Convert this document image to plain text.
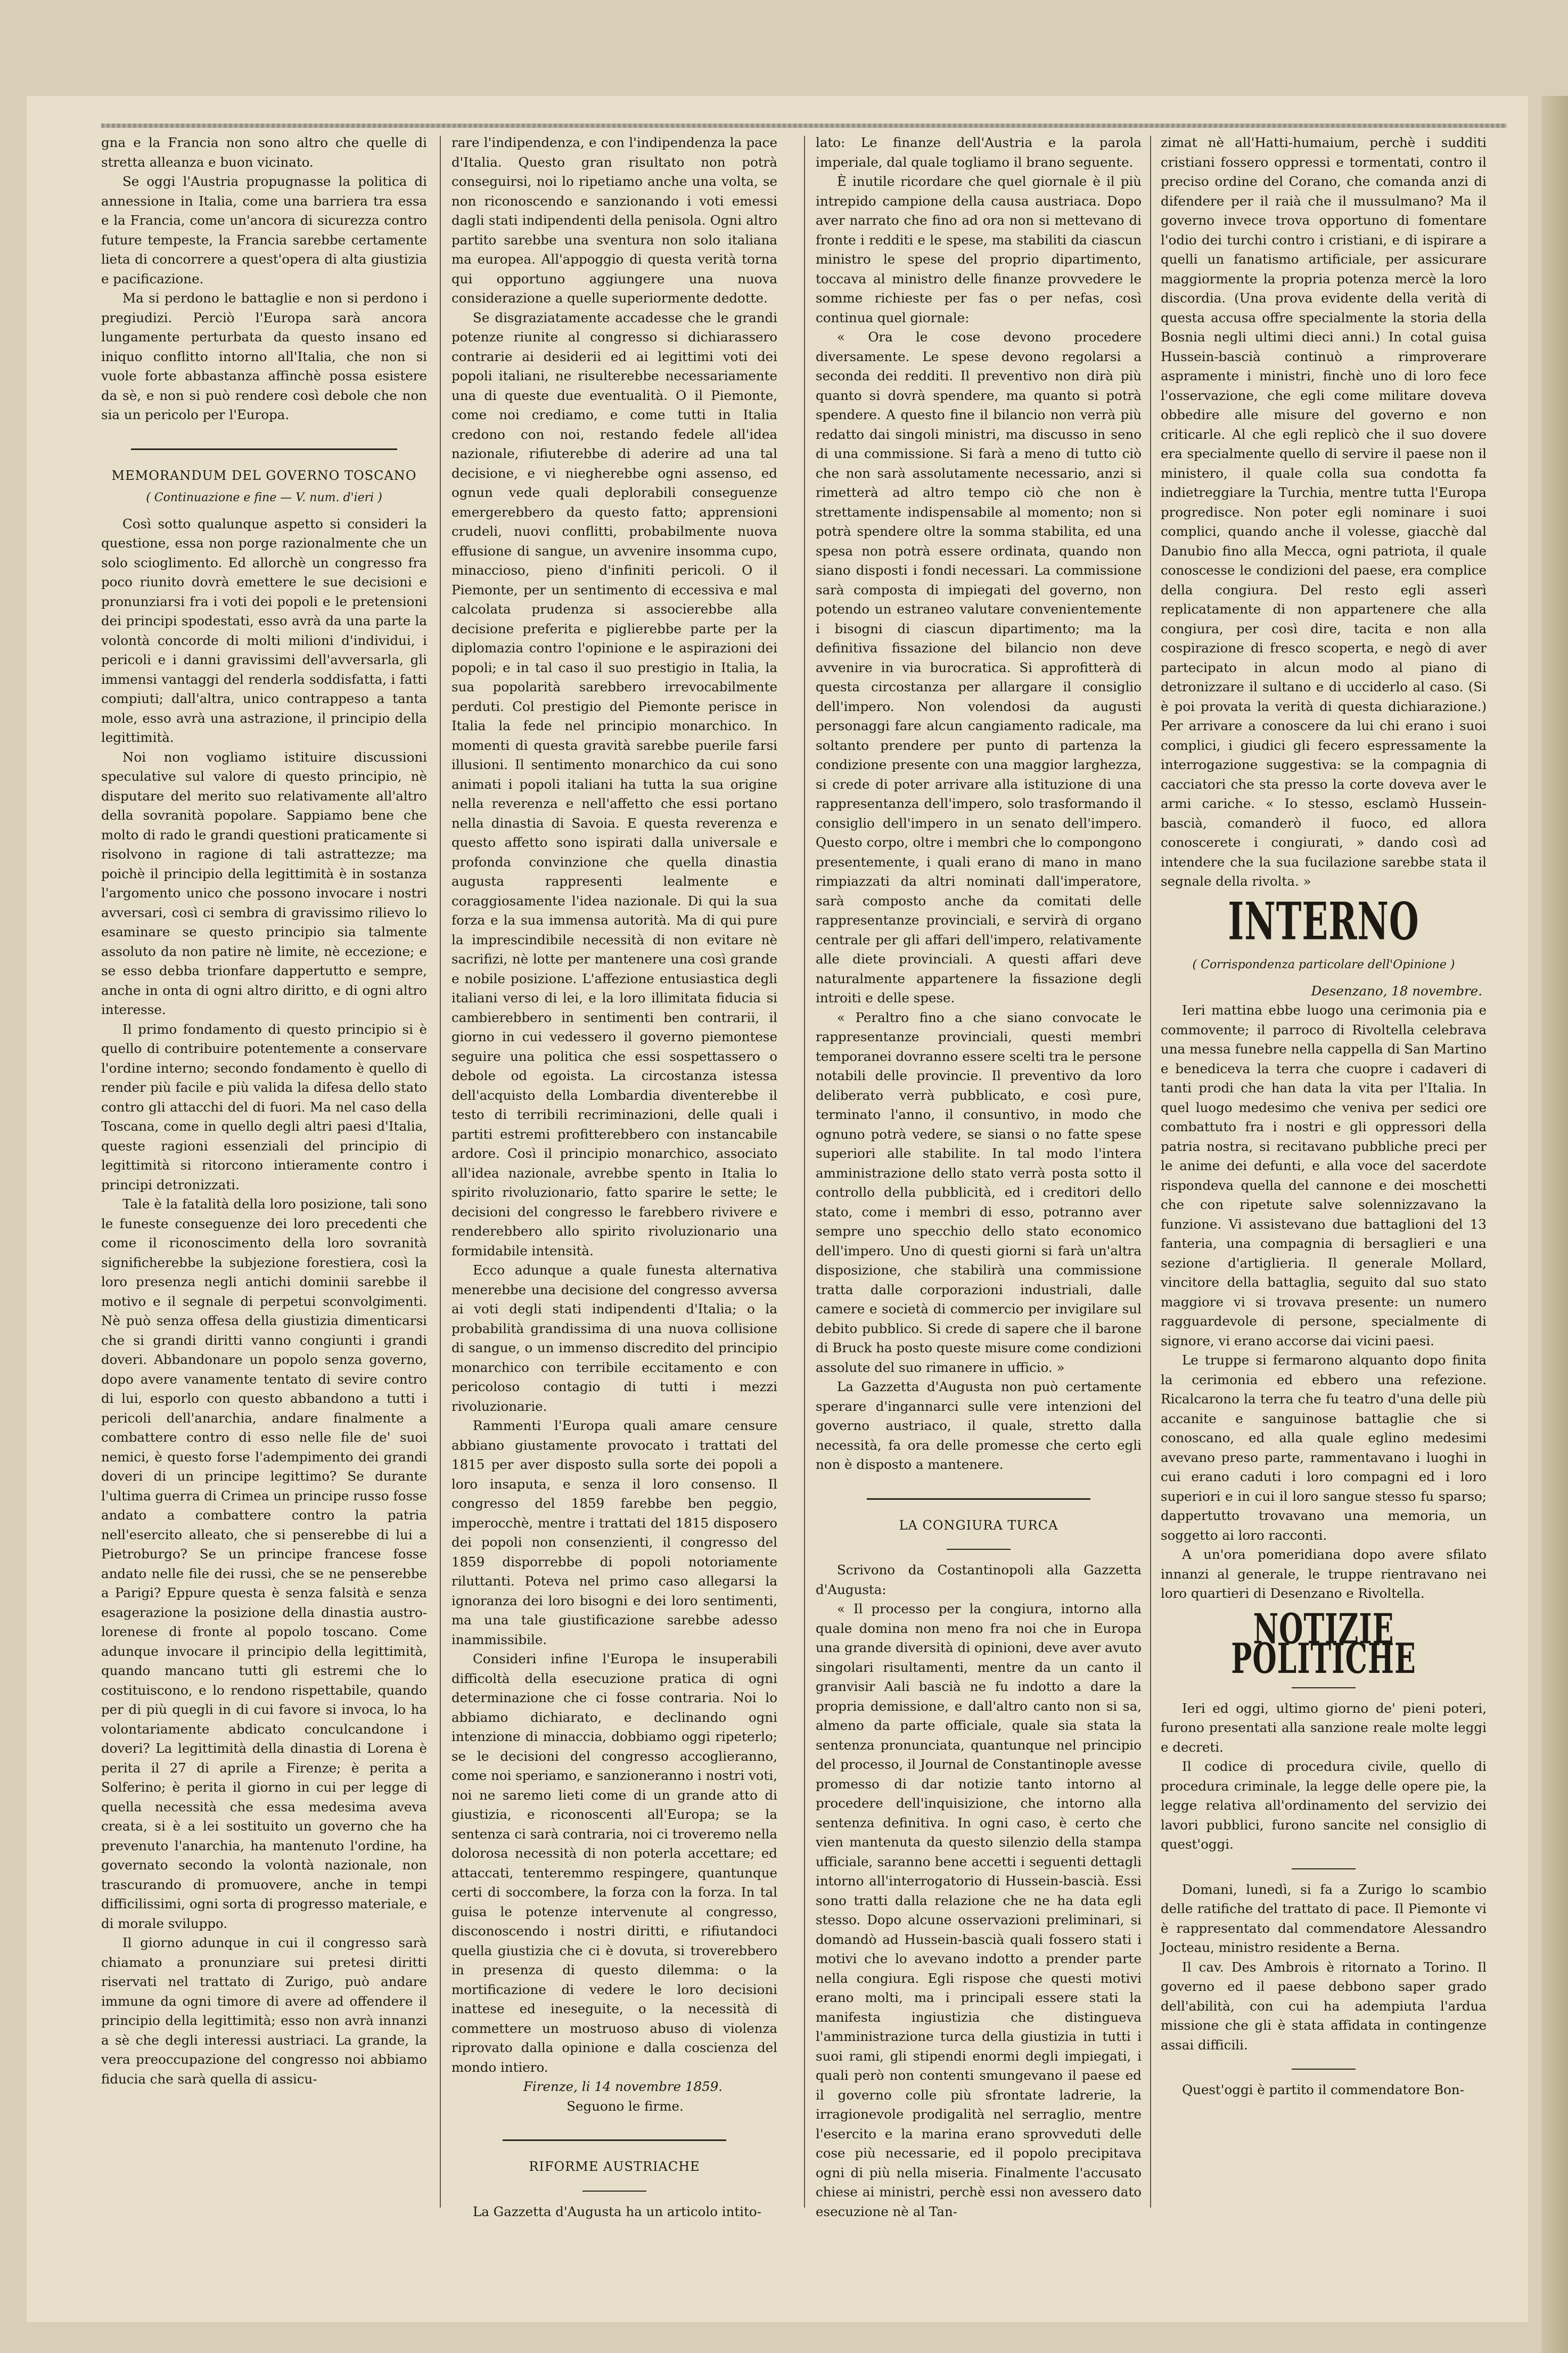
gna e la Francia non sono altro che quelle di stretta alleanza e buon vicinato.

Se oggi l'Austria propugnasse la politica di annessione in Italia, come una barriera tra essa e la Francia, come un'ancora di sicurezza contro future tempeste, la Francia sarebbe certamente lieta di concorrere a quest'opera di alta giustizia e pacificazione.

Ma si perdono le battaglie e non si perdono i pregiudizi. Perciò l'Europa sarà ancora lungamente perturbata da questo insano ed iniquo conflitto intorno all'Italia, che non si vuole forte abbastanza affinchè possa esistere da sè, e non si può rendere così debole che non sia un pericolo per l'Europa.

MEMORANDUM DEL GOVERNO TOSCANO
( Continuazione e fine — V. num. d'ieri )

Così sotto qualunque aspetto si consideri la questione, essa non porge razionalmente che un solo scioglimento. Ed allorchè un congresso fra poco riunito dovrà emettere le sue decisioni e pronunziarsi fra i voti dei popoli e le pretensioni dei principi spodestati, esso avrà da una parte la volontà concorde di molti milioni d'individui, i pericoli e i danni gravissimi dell'avversarla, gli immensi vantaggi del renderla soddisfatta, i fatti compiuti; dall'altra, unico contrappeso a tanta mole, esso avrà una astrazione, il principio della legittimità.

Noi non vogliamo istituire discussioni speculative sul valore di questo principio, nè disputare del merito suo relativamente all'altro della sovranità popolare. Sappiamo bene che molto di rado le grandi questioni praticamente si risolvono in ragione di tali astrattezze; ma poichè il principio della legittimità è in sostanza l'argomento unico che possono invocare i nostri avversari, così ci sembra di gravissimo rilievo lo esaminare se questo principio sia talmente assoluto da non patire nè limite, nè eccezione; e se esso debba trionfare dappertutto e sempre, anche in onta di ogni altro diritto, e di ogni altro interesse.

Il primo fondamento di questo principio si è quello di contribuire potentemente a conservare l'ordine interno; secondo fondamento è quello di render più facile e più valida la difesa dello stato contro gli attacchi del di fuori. Ma nel caso della Toscana, come in quello degli altri paesi d'Italia, queste ragioni essenziali del principio di legittimità si ritorcono intieramente contro i principi detronizzati.

Tale è la fatalità della loro posizione, tali sono le funeste conseguenze dei loro precedenti che come il riconoscimento della loro sovranità significherebbe la subjezione forestiera, così la loro presenza negli antichi dominii sarebbe il motivo e il segnale di perpetui sconvolgimenti. Nè può senza offesa della giustizia dimenticarsi che si grandi diritti vanno congiunti i grandi doveri. Abbandonare un popolo senza governo, dopo avere vanamente tentato di sevire contro di lui, esporlo con questo abbandono a tutti i pericoli dell'anarchia, andare finalmente a combattere contro di esso nelle file de' suoi nemici, è questo forse l'adempimento dei grandi doveri di un principe legittimo? Se durante l'ultima guerra di Crimea un principe russo fosse andato a combattere contro la patria nell'esercito alleato, che si penserebbe di lui a Pietroburgo? Se un principe francese fosse andato nelle file dei russi, che se ne penserebbe a Parigi? Eppure questa è senza falsità e senza esagerazione la posizione della dinastia austro-lorenese di fronte al popolo toscano. Come adunque invocare il principio della legittimità, quando mancano tutti gli estremi che lo costituiscono, e lo rendono rispettabile, quando per di più quegli in di cui favore si invoca, lo ha volontariamente abdicato conculcandone i doveri? La legittimità della dinastia di Lorena è perita il 27 di aprile a Firenze; è perita a Solferino; è perita il giorno in cui per legge di quella necessità che essa medesima aveva creata, si è a lei sostituito un governo che ha prevenuto l'anarchia, ha mantenuto l'ordine, ha governato secondo la volontà nazionale, non trascurando di promuovere, anche in tempi difficilissimi, ogni sorta di progresso materiale, e di morale sviluppo.

Il giorno adunque in cui il congresso sarà chiamato a pronunziare sui pretesi diritti riservati nel trattato di Zurigo, può andare immune da ogni timore di avere ad offendere il principio della legittimità; esso non avrà innanzi a sè che degli interessi austriaci. La grande, la vera preoccupazione del congresso noi abbiamo fiducia che sarà quella di assicu-

rare l'indipendenza, e con l'indipendenza la pace d'Italia. Questo gran risultato non potrà conseguirsi, noi lo ripetiamo anche una volta, se non riconoscendo e sanzionando i voti emessi dagli stati indipendenti della penisola. Ogni altro partito sarebbe una sventura non solo italiana ma europea. All'appoggio di questa verità torna qui opportuno aggiungere una nuova considerazione a quelle superiormente dedotte.

Se disgraziatamente accadesse che le grandi potenze riunite al congresso si dichiarassero contrarie ai desiderii ed ai legittimi voti dei popoli italiani, ne risulterebbe necessariamente una di queste due eventualità. O il Piemonte, come noi crediamo, e come tutti in Italia credono con noi, restando fedele all'idea nazionale, rifiuterebbe di aderire ad una tal decisione, e vi niegherebbe ogni assenso, ed ognun vede quali deplorabili conseguenze emergerebbero da questo fatto; apprensioni crudeli, nuovi conflitti, probabilmente nuova effusione di sangue, un avvenire insomma cupo, minaccioso, pieno d'infiniti pericoli. O il Piemonte, per un sentimento di eccessiva e mal calcolata prudenza si associerebbe alla decisione preferita e piglierebbe parte per la diplomazia contro l'opinione e le aspirazioni dei popoli; e in tal caso il suo prestigio in Italia, la sua popolarità sarebbero irrevocabilmente perduti. Col prestigio del Piemonte perisce in Italia la fede nel principio monarchico. In momenti di questa gravità sarebbe puerile farsi illusioni. Il sentimento monarchico da cui sono animati i popoli italiani ha tutta la sua origine nella reverenza e nell'affetto che essi portano nella dinastia di Savoia. E questa reverenza e questo affetto sono ispirati dalla universale e profonda convinzione che quella dinastia augusta rappresenti lealmente e coraggiosamente l'idea nazionale. Di qui la sua forza e la sua immensa autorità. Ma di qui pure la imprescindibile necessità di non evitare nè sacrifizi, nè lotte per mantenere una così grande e nobile posizione. L'affezione entusiastica degli italiani verso di lei, e la loro illimitata fiducia si cambierebbero in sentimenti ben contrarii, il giorno in cui vedessero il governo piemontese seguire una politica che essi sospettassero o debole od egoista. La circostanza istessa dell'acquisto della Lombardia diventerebbe il testo di terribili recriminazioni, delle quali i partiti estremi profitterebbero con instancabile ardore. Così il principio monarchico, associato all'idea nazionale, avrebbe spento in Italia lo spirito rivoluzionario, fatto sparire le sette; le decisioni del congresso le farebbero rivivere e renderebbero allo spirito rivoluzionario una formidabile intensità.

Ecco adunque a quale funesta alternativa menerebbe una decisione del congresso avversa ai voti degli stati indipendenti d'Italia; o la probabilità grandissima di una nuova collisione di sangue, o un immenso discredito del principio monarchico con terribile eccitamento e con pericoloso contagio di tutti i mezzi rivoluzionarie.

Rammenti l'Europa quali amare censure abbiano giustamente provocato i trattati del 1815 per aver disposto sulla sorte dei popoli a loro insaputa, e senza il loro consenso. Il congresso del 1859 farebbe ben peggio, imperocchè, mentre i trattati del 1815 disposero dei popoli non consenzienti, il congresso del 1859 disporrebbe di popoli notoriamente riluttanti. Poteva nel primo caso allegarsi la ignoranza dei loro bisogni e dei loro sentimenti, ma una tale giustificazione sarebbe adesso inammissibile.

Consideri infine l'Europa le insuperabili difficoltà della esecuzione pratica di ogni determinazione che ci fosse contraria. Noi lo abbiamo dichiarato, e declinando ogni intenzione di minaccia, dobbiamo oggi ripeterlo; se le decisioni del congresso accoglieranno, come noi speriamo, e sanzioneranno i nostri voti, noi ne saremo lieti come di un grande atto di giustizia, e riconoscenti all'Europa; se la sentenza ci sarà contraria, noi ci troveremo nella dolorosa necessità di non poterla accettare; ed attaccati, tenteremmo respingere, quantunque certi di soccombere, la forza con la forza. In tal guisa le potenze intervenute al congresso, disconoscendo i nostri diritti, e rifiutandoci quella giustizia che ci è dovuta, si troverebbero in presenza di questo dilemma: o la mortificazione di vedere le loro decisioni inattese ed ineseguite, o la necessità di commettere un mostruoso abuso di violenza riprovato dalla opinione e dalla coscienza del mondo intiero.

Firenze, li 14 novembre 1859.

Seguono le firme.

RIFORME AUSTRIACHE

La Gazzetta d'Augusta ha un articolo intito-

lato: Le finanze dell'Austria e la parola imperiale, dal quale togliamo il brano seguente.

È inutile ricordare che quel giornale è il più intrepido campione della causa austriaca. Dopo aver narrato che fino ad ora non si mettevano di fronte i redditi e le spese, ma stabiliti da ciascun ministro le spese del proprio dipartimento, toccava al ministro delle finanze provvedere le somme richieste per fas o per nefas, così continua quel giornale:

« Ora le cose devono procedere diversamente. Le spese devono regolarsi a seconda dei redditi. Il preventivo non dirà più quanto si dovrà spendere, ma quanto si potrà spendere. A questo fine il bilancio non verrà più redatto dai singoli ministri, ma discusso in seno di una commissione. Si farà a meno di tutto ciò che non sarà assolutamente necessario, anzi si rimetterà ad altro tempo ciò che non è strettamente indispensabile al momento; non si potrà spendere oltre la somma stabilita, ed una spesa non potrà essere ordinata, quando non siano disposti i fondi necessari. La commissione sarà composta di impiegati del governo, non potendo un estraneo valutare convenientemente i bisogni di ciascun dipartimento; ma la definitiva fissazione del bilancio non deve avvenire in via burocratica. Si approfitterà di questa circostanza per allargare il consiglio dell'impero. Non volendosi da augusti personaggi fare alcun cangiamento radicale, ma soltanto prendere per punto di partenza la condizione presente con una maggior larghezza, si crede di poter arrivare alla istituzione di una rappresentanza dell'impero, solo trasformando il consiglio dell'impero in un senato dell'impero. Questo corpo, oltre i membri che lo compongono presentemente, i quali erano di mano in mano rimpiazzati da altri nominati dall'imperatore, sarà composto anche da comitati delle rappresentanze provinciali, e servirà di organo centrale per gli affari dell'impero, relativamente alle diete provinciali. A questi affari deve naturalmente appartenere la fissazione degli introiti e delle spese.

« Peraltro fino a che siano convocate le rappresentanze provinciali, questi membri temporanei dovranno essere scelti tra le persone notabili delle provincie. Il preventivo da loro deliberato verrà pubblicato, e così pure, terminato l'anno, il consuntivo, in modo che ognuno potrà vedere, se siansi o no fatte spese superiori alle stabilite. In tal modo l'intera amministrazione dello stato verrà posta sotto il controllo della pubblicità, ed i creditori dello stato, come i membri di esso, potranno aver sempre uno specchio dello stato economico dell'impero. Uno di questi giorni si farà un'altra disposizione, che stabilirà una commissione tratta dalle corporazioni industriali, dalle camere e società di commercio per invigilare sul debito pubblico. Si crede di sapere che il barone di Bruck ha posto queste misure come condizioni assolute del suo rimanere in ufficio. »

La Gazzetta d'Augusta non può certamente sperare d'ingannarci sulle vere intenzioni del governo austriaco, il quale, stretto dalla necessità, fa ora delle promesse che certo egli non è disposto a mantenere.

LA CONGIURA TURCA

Scrivono da Costantinopoli alla Gazzetta d'Augusta:

« Il processo per la congiura, intorno alla quale domina non meno fra noi che in Europa una grande diversità di opinioni, deve aver avuto singolari risultamenti, mentre da un canto il granvisir Aali bascià ne fu indotto a dare la propria demissione, e dall'altro canto non si sa, almeno da parte officiale, quale sia stata la sentenza pronunciata, quantunque nel principio del processo, il Journal de Constantinople avesse promesso di dar notizie tanto intorno al procedere dell'inquisizione, che intorno alla sentenza definitiva. In ogni caso, è certo che vien mantenuta da questo silenzio della stampa ufficiale, saranno bene accetti i seguenti dettagli intorno all'interrogatorio di Hussein-bascià. Essi sono tratti dalla relazione che ne ha data egli stesso. Dopo alcune osservazioni preliminari, si domandò ad Hussein-bascià quali fossero stati i motivi che lo avevano indotto a prender parte nella congiura. Egli rispose che questi motivi erano molti, ma i principali essere stati la manifesta ingiustizia che distingueva l'amministrazione turca della giustizia in tutti i suoi rami, gli stipendi enormi degli impiegati, i quali però non contenti smungevano il paese ed il governo colle più sfrontate ladrerie, la irragionevole prodigalità nel serraglio, mentre l'esercito e la marina erano sprovveduti delle cose più necessarie, ed il popolo precipitava ogni di più nella miseria. Finalmente l'accusato chiese ai ministri, perchè essi non avessero dato esecuzione nè al Tan-

zimat nè all'Hatti-humaium, perchè i sudditi cristiani fossero oppressi e tormentati, contro il preciso ordine del Corano, che comanda anzi di difendere per il raià che il mussulmano? Ma il governo invece trova opportuno di fomentare l'odio dei turchi contro i cristiani, e di ispirare a quelli un fanatismo artificiale, per assicurare maggiormente la propria potenza mercè la loro discordia. (Una prova evidente della verità di questa accusa offre specialmente la storia della Bosnia negli ultimi dieci anni.) In cotal guisa Hussein-bascià continuò a rimproverare aspramente i ministri, finchè uno di loro fece l'osservazione, che egli come militare doveva obbedire alle misure del governo e non criticarle. Al che egli replicò che il suo dovere era specialmente quello di servire il paese non il ministero, il quale colla sua condotta fa indietreggiare la Turchia, mentre tutta l'Europa progredisce. Non poter egli nominare i suoi complici, quando anche il volesse, giacchè dal Danubio fino alla Mecca, ogni patriota, il quale conoscesse le condizioni del paese, era complice della congiura. Del resto egli asserì replicatamente di non appartenere che alla congiura, per così dire, tacita e non alla cospirazione di fresco scoperta, e negò di aver partecipato in alcun modo al piano di detronizzare il sultano e di ucciderlo al caso. (Si è poi provata la verità di questa dichiarazione.) Per arrivare a conoscere da lui chi erano i suoi complici, i giudici gli fecero espressamente la interrogazione suggestiva: se la compagnia di cacciatori che sta presso la corte doveva aver le armi cariche. « Io stesso, esclamò Hussein-bascià, comanderò il fuoco, ed allora conoscerete i congiurati, » dando così ad intendere che la sua fucilazione sarebbe stata il segnale della rivolta. »

INTERNO
( Corrispondenza particolare dell'Opinione )

Desenzano, 18 novembre.

Ieri mattina ebbe luogo una cerimonia pia e commovente; il parroco di Rivoltella celebrava una messa funebre nella cappella di San Martino e benediceva la terra che cuopre i cadaveri di tanti prodi che han data la vita per l'Italia. In quel luogo medesimo che veniva per sedici ore combattuto fra i nostri e gli oppressori della patria nostra, si recitavano pubbliche preci per le anime dei defunti, e alla voce del sacerdote rispondeva quella del cannone e dei moschetti che con ripetute salve solennizzavano la funzione. Vi assistevano due battaglioni del 13 fanteria, una compagnia di bersaglieri e una sezione d'artiglieria. Il generale Mollard, vincitore della battaglia, seguito dal suo stato maggiore vi si trovava presente: un numero ragguardevole di persone, specialmente di signore, vi erano accorse dai vicini paesi.

Le truppe si fermarono alquanto dopo finita la cerimonia ed ebbero una refezione. Ricalcarono la terra che fu teatro d'una delle più accanite e sanguinose battaglie che si conoscano, ed alla quale eglino medesimi avevano preso parte, rammentavano i luoghi in cui erano caduti i loro compagni ed i loro superiori e in cui il loro sangue stesso fu sparso; dappertutto trovavano una memoria, un soggetto ai loro racconti.

A un'ora pomeridiana dopo avere sfilato innanzi al generale, le truppe rientravano nei loro quartieri di Desenzano e Rivoltella.

NOTIZIE POLITICHE

Ieri ed oggi, ultimo giorno de' pieni poteri, furono presentati alla sanzione reale molte leggi e decreti.

Il codice di procedura civile, quello di procedura criminale, la legge delle opere pie, la legge relativa all'ordinamento del servizio dei lavori pubblici, furono sancite nel consiglio di quest'oggi.

Domani, lunedì, si fa a Zurigo lo scambio delle ratifiche del trattato di pace. Il Piemonte vi è rappresentato dal commendatore Alessandro Jocteau, ministro residente a Berna.

Il cav. Des Ambrois è ritornato a Torino. Il governo ed il paese debbono saper grado dell'abilità, con cui ha adempiuta l'ardua missione che gli è stata affidata in contingenze assai difficili.

Quest'oggi è partito il commendatore Bon-
